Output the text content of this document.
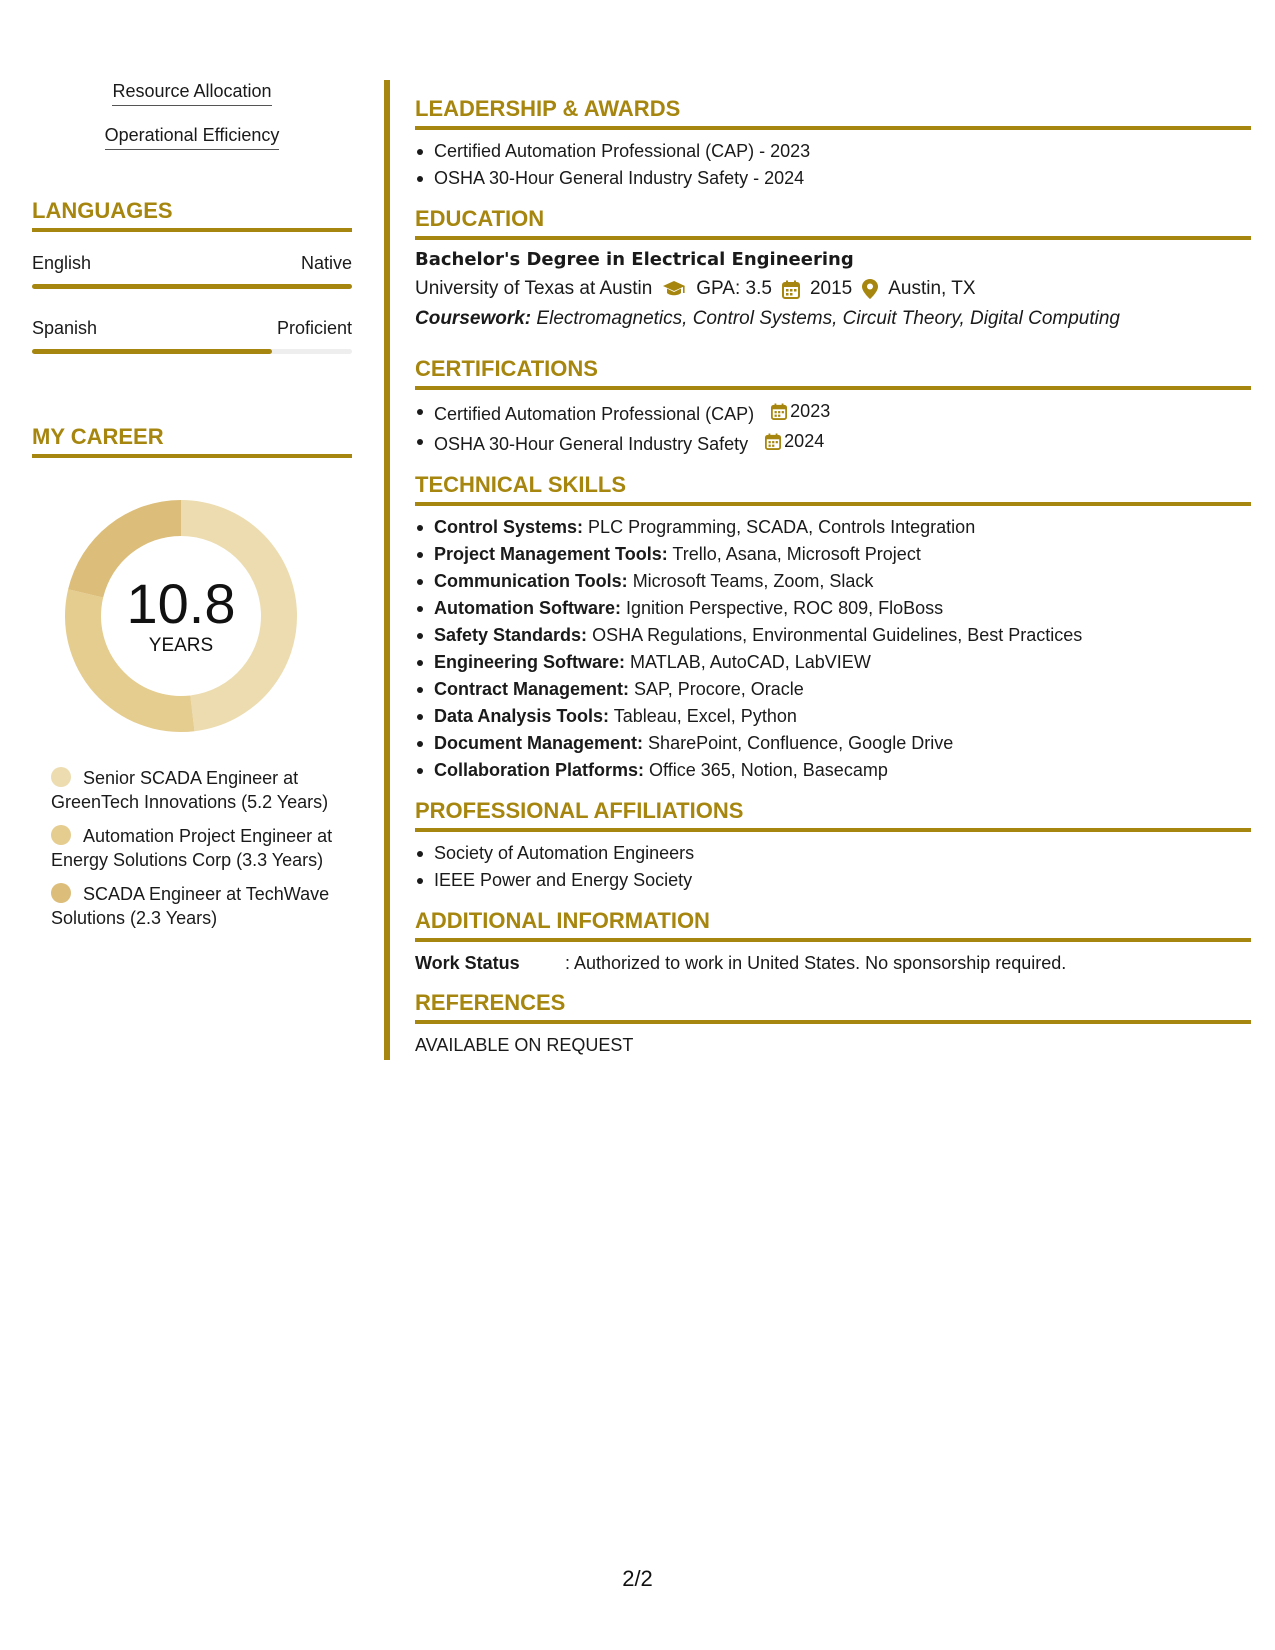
Resource Allocation
Operational Efficiency
LANGUAGES
English	Native
Spanish	Proficient
MY CAREER
10.8
YEARS
Senior SCADA Engineer at GreenTech Innovations (5.2 Years)
Automation Project Engineer at Energy Solutions Corp (3.3 Years)
SCADA Engineer at TechWave Solutions (2.3 Years)
LEADERSHIP & AWARDS
Certified Automation Professional (CAP) - 2023
OSHA 30-Hour General Industry Safety - 2024
EDUCATION
Bachelor's Degree in Electrical Engineering
University of Texas at Austin GPA: 3.5 2015 Austin, TX
Coursework: Electromagnetics, Control Systems, Circuit Theory, Digital Computing
CERTIFICATIONS
Certified Automation Professional (CAP) 2023
OSHA 30-Hour General Industry Safety 2024
TECHNICAL SKILLS
Control Systems: PLC Programming, SCADA, Controls Integration
Project Management Tools: Trello, Asana, Microsoft Project
Communication Tools: Microsoft Teams, Zoom, Slack
Automation Software: Ignition Perspective, ROC 809, FloBoss
Safety Standards: OSHA Regulations, Environmental Guidelines, Best Practices
Engineering Software: MATLAB, AutoCAD, LabVIEW
Contract Management: SAP, Procore, Oracle
Data Analysis Tools: Tableau, Excel, Python
Document Management: SharePoint, Confluence, Google Drive
Collaboration Platforms: Office 365, Notion, Basecamp
PROFESSIONAL AFFILIATIONS
Society of Automation Engineers
IEEE Power and Energy Society
ADDITIONAL INFORMATION
Work Status	: Authorized to work in United States. No sponsorship required.
REFERENCES
AVAILABLE ON REQUEST
2/2
